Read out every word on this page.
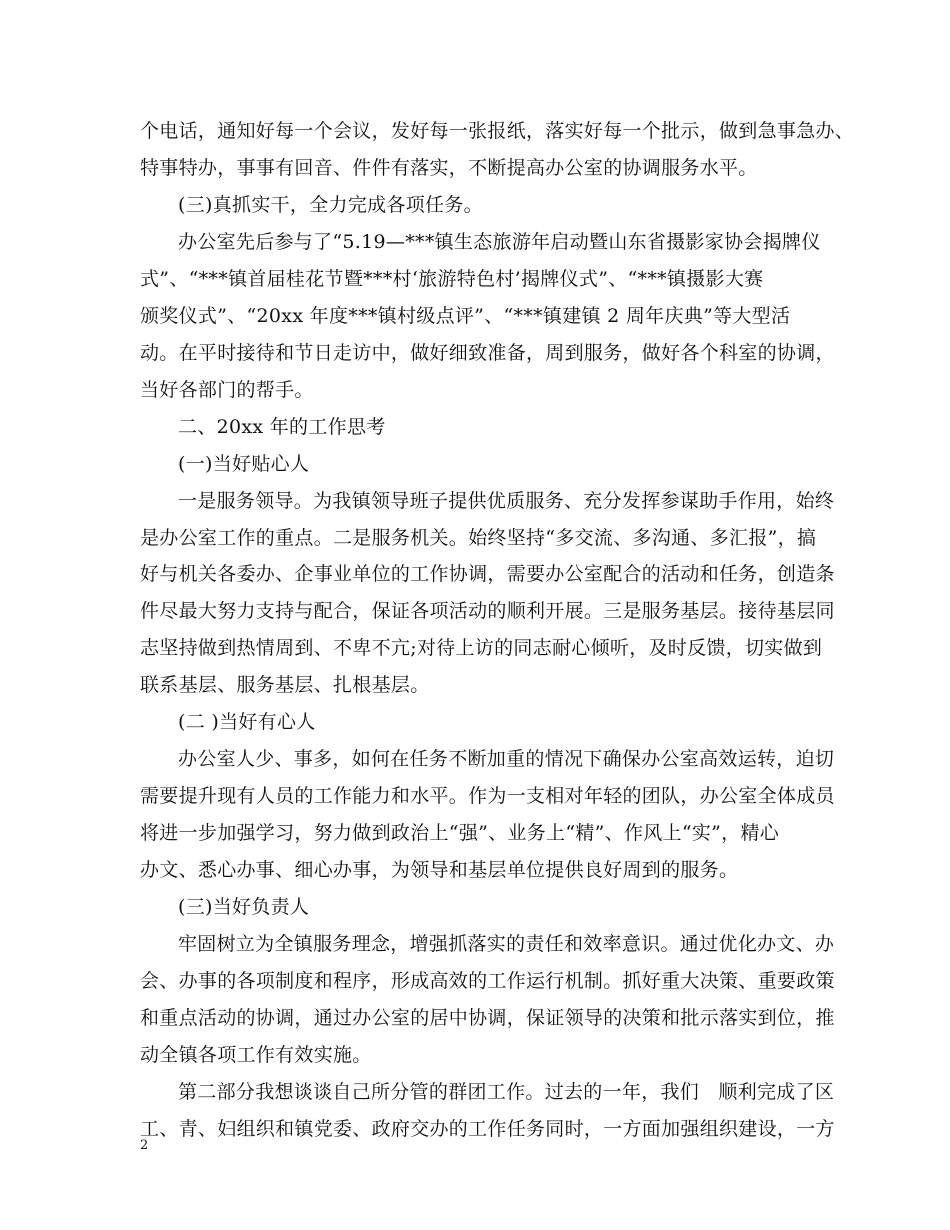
个电话，通知好每一个会议，发好每一张报纸，落实好每一个批示，做到急事急办、
特事特办，事事有回音、件件有落实，不断提高办公室的协调服务水平。
(三)真抓实干，全力完成各项任务。
办公室先后参与了“5.19—***镇生态旅游年启动暨山东省摄影家协会揭牌仪
式”、“***镇首届桂花节暨***村‘旅游特色村’揭牌仪式”、“***镇摄影大赛
颁奖仪式”、“20xx 年度***镇村级点评”、“***镇建镇 2 周年庆典”等大型活
动。在平时接待和节日走访中，做好细致准备，周到服务，做好各个科室的协调，
当好各部门的帮手。
二、20xx 年的工作思考
(一)当好贴心人
一是服务领导。为我镇领导班子提供优质服务、充分发挥参谋助手作用，始终
是办公室工作的重点。二是服务机关。始终坚持“多交流、多沟通、多汇报”，搞
好与机关各委办、企事业单位的工作协调，需要办公室配合的活动和任务，创造条
件尽最大努力支持与配合，保证各项活动的顺利开展。三是服务基层。接待基层同
志坚持做到热情周到、不卑不亢;对待上访的同志耐心倾听，及时反馈，切实做到
联系基层、服务基层、扎根基层。
(二 )当好有心人
办公室人少、事多，如何在任务不断加重的情况下确保办公室高效运转，迫切
需要提升现有人员的工作能力和水平。作为一支相对年轻的团队，办公室全体成员
将进一步加强学习，努力做到政治上“强”、业务上“精”、作风上“实”，精心
办文、悉心办事、细心办事，为领导和基层单位提供良好周到的服务。
(三)当好负责人
牢固树立为全镇服务理念，增强抓落实的责任和效率意识。通过优化办文、办
会、办事的各项制度和程序，形成高效的工作运行机制。抓好重大决策、重要政策
和重点活动的协调，通过办公室的居中协调，保证领导的决策和批示落实到位，推
动全镇各项工作有效实施。
第二部分我想谈谈自己所分管的群团工作。过去的一年，我们　顺利完成了区
工、青、妇组织和镇党委、政府交办的工作任务同时，一方面加强组织建设，一方
2
